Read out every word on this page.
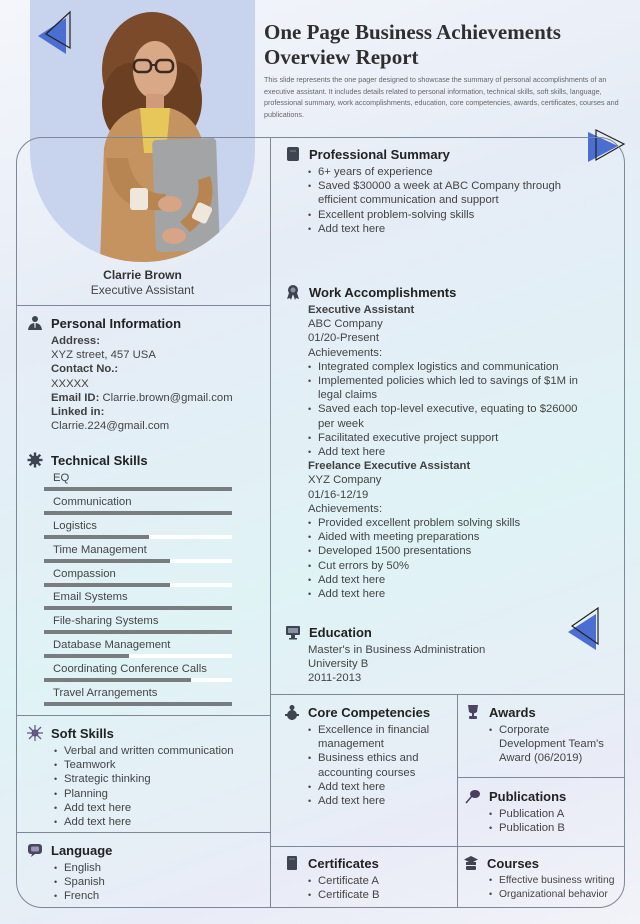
One Page Business Achievements
Overview Report
This slide represents the one pager designed to showcase the summary of personal accomplishments of an executive assistant. It includes details related to personal information, technical skills, soft skills, language, professional summary, work accomplishments, education, core competencies, awards, certificates, courses and publications.
Clarrie Brown
Executive Assistant
Personal Information
Address:
XYZ street, 457 USA
Contact No.:
XXXXX
Email ID: Clarrie.brown@gmail.com
Linked in:
Clarrie.224@gmail.com
Technical Skills
EQ
Communication
Logistics
Time Management
Compassion
Email Systems
File-sharing Systems
Database Management
Coordinating Conference Calls
Travel Arrangements
Soft Skills
• Verbal and written communication
• Teamwork
• Strategic thinking
• Planning
• Add text here
• Add text here
Language
• English
• Spanish
• French
Professional Summary
• 6+ years of experience
• Saved $30000 a week at ABC Company through efficient communication and support
• Excellent problem-solving skills
• Add text here
Work Accomplishments
Executive Assistant
ABC Company
01/20-Present
Achievements:
• Integrated complex logistics and communication
• Implemented policies which led to savings of $1M in legal claims
• Saved each top-level executive, equating to $26000 per week
• Facilitated executive project support
• Add text here
Freelance Executive Assistant
XYZ Company
01/16-12/19
Achievements:
• Provided excellent problem solving skills
• Aided with meeting preparations
• Developed 1500 presentations
• Cut errors by 50%
• Add text here
• Add text here
Education
Master's in Business Administration
University B
2011-2013
Core Competencies
• Excellence in financial management
• Business ethics and accounting courses
• Add text here
• Add text here
Awards
• Corporate Development Team's Award (06/2019)
Publications
• Publication A
• Publication B
Certificates
• Certificate A
• Certificate B
Courses
• Effective business writing
• Organizational behavior
